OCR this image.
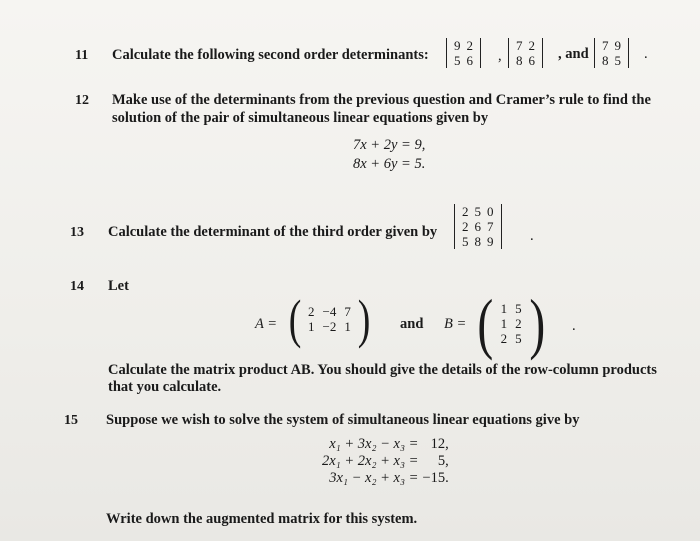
11 Calculate the following second order determinants:
9	2
5	6 ,
7	2
8	6 , and
7	9
8	5 .
12 Make use of the determinants from the previous question and Cramer’s rule to find the
solution of the pair of simultaneous linear equations given by
7x + 2y = 9,
8x + 6y = 5.
13 Calculate the determinant of the third order given by
2	5	0
2	6	7
5	8	9	.
14 Let
A = ( 2	−4	7
1	−2	1 ) and B = ( 1	5
1	2
2	5 ) .
Calculate the matrix product AB. You should give the details of the row-column products
that you calculate.
15 Suppose we wish to solve the system of simultaneous linear equations give by
x₁ + 3x₂ − x₃ =	12,
2x₁ + 2x₂ + x₃ =	5,
3x₁ − x₂ + x₃ =	−15.
Write down the augmented matrix for this system.
